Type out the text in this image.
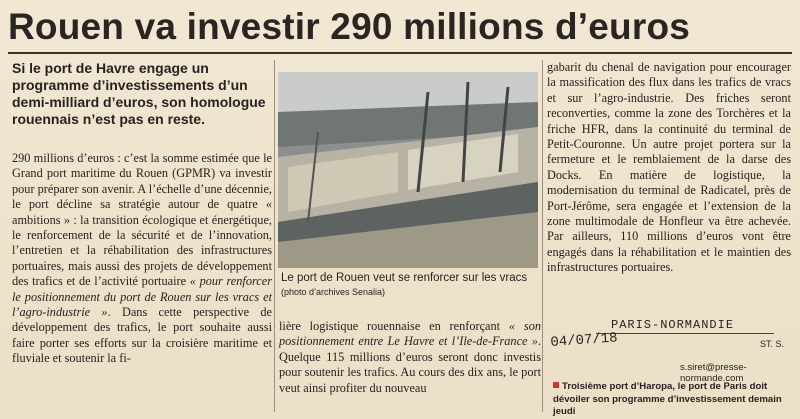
Rouen va investir 290 millions d’euros

Si le port de Havre engage un programme d’investissements d’un demi-milliard d’euros, son homologue rouennais n’est pas en reste.

290 millions d’euros : c’est la somme estimée que le Grand port maritime du Rouen (GPMR) va investir pour préparer son avenir. A l’échelle d’une décennie, le port décline sa stratégie autour de quatre « ambitions » : la transition écologique et énergétique, le renforcement de la sécurité et de l’innovation, l’entretien et la réhabilitation des infrastructures portuaires, mais aussi des projets de développement des trafics et de l’activité portuaire « pour renforcer le positionnement du port de Rouen sur les vracs et l’agro-industrie ». Dans cette perspective de développement des trafics, le port souhaite aussi faire porter ses efforts sur la croisière maritime et fluviale et soutenir la fi-

Le port de Rouen veut se renforcer sur les vracs (photo d’archives Senalia)

lière logistique rouennaise en renforçant « son positionnement entre Le Havre et l’Ile-de-France ». Quelque 115 millions d’euros seront donc investis pour soutenir les trafics. Au cours des dix ans, le port veut ainsi profiter du nouveau
gabarit du chenal de navigation pour encourager la massification des flux dans les trafics de vracs et sur l’agro-industrie. Des friches seront reconverties, comme la zone des Torchères et la friche HFR, dans la continuité du terminal de Petit-Couronne. Un autre projet portera sur la fermeture et le remblaiement de la darse des Docks. En matière de logistique, la modernisation du terminal de Radicatel, près de Port-Jérôme, sera engagée et l’extension de la zone multimodale de Honfleur va être achevée. Par ailleurs, 110 millions d’euros vont être engagés dans la réhabilitation et le maintien des infrastructures portuaires.
PARIS-NORMANDIE
04/07/18	ST. S.
s.siret@presse-normande.com

Troisième port d’Haropa, le port de Paris doit dévoiler son programme d’investissement demain jeudi
